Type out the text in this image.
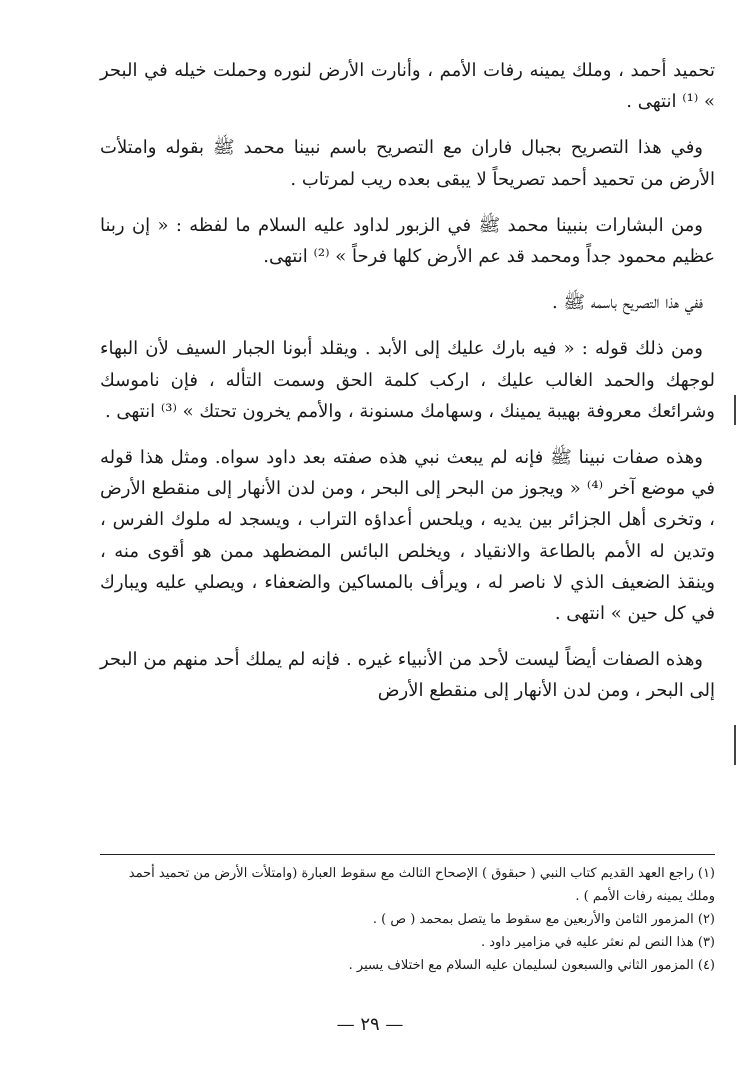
تحميد أحمد ، وملك يمينه رفات الأمم ، وأنارت الأرض لنوره وحملت خيله في البحر » ⁽¹⁾ انتهى .

وفي هذا التصريح بجبال فاران مع التصريح باسم نبينا محمد ﷺ بقوله وامتلأت الأرض من تحميد أحمد تصريحاً لا يبقى بعده ريب لمرتاب .

ومن البشارات بنبينا محمد ﷺ في الزبور لداود عليه السلام ما لفظه : « إن ربنا عظيم محمود جداً ومحمد قد عم الأرض كلها فرحاً » ⁽²⁾ انتهى.

ففي هذا التصريح باسمه ﷺ .

ومن ذلك قوله : « فيه بارك عليك إلى الأبد . ويقلد أبونا الجبار السيف لأن البهاء لوجهك والحمد الغالب عليك ، اركب كلمة الحق وسمت التأله ، فإن ناموسك وشرائعك معروفة بهيبة يمينك ، وسهامك مسنونة ، والأمم يخرون تحتك » ⁽³⁾ انتهى .

وهذه صفات نبينا ﷺ فإنه لم يبعث نبي هذه صفته بعد داود سواه. ومثل هذا قوله في موضع آخر ⁽⁴⁾ « ويجوز من البحر إلى البحر ، ومن لدن الأنهار إلى منقطع الأرض ، وتخرى أهل الجزائر بين يديه ، ويلحس أعداؤه التراب ، ويسجد له ملوك الفرس ، وتدين له الأمم بالطاعة والانقياد ، ويخلص البائس المضطهد ممن هو أقوى منه ، وينقذ الضعيف الذي لا ناصر له ، ويرأف بالمساكين والضعفاء ، ويصلي عليه ويبارك في كل حين » انتهى .

وهذه الصفات أيضاً ليست لأحد من الأنبياء غيره . فإنه لم يملك أحد منهم من البحر إلى البحر ، ومن لدن الأنهار إلى منقطع الأرض

(١) راجع العهد القديم كتاب النبي ( حبقوق ) الإصحاح الثالث مع سقوط العبارة (وامتلأت الأرض من تحميد أحمد وملك يمينه رفات الأمم ) .
(٢) المزمور الثامن والأربعين مع سقوط ما يتصل بمحمد ( ص ) .
(٣) هذا النص لم نعثر عليه في مزامير داود .
(٤) المزمور الثاني والسبعون لسليمان عليه السلام مع اختلاف يسير .
— ٢٩ —
